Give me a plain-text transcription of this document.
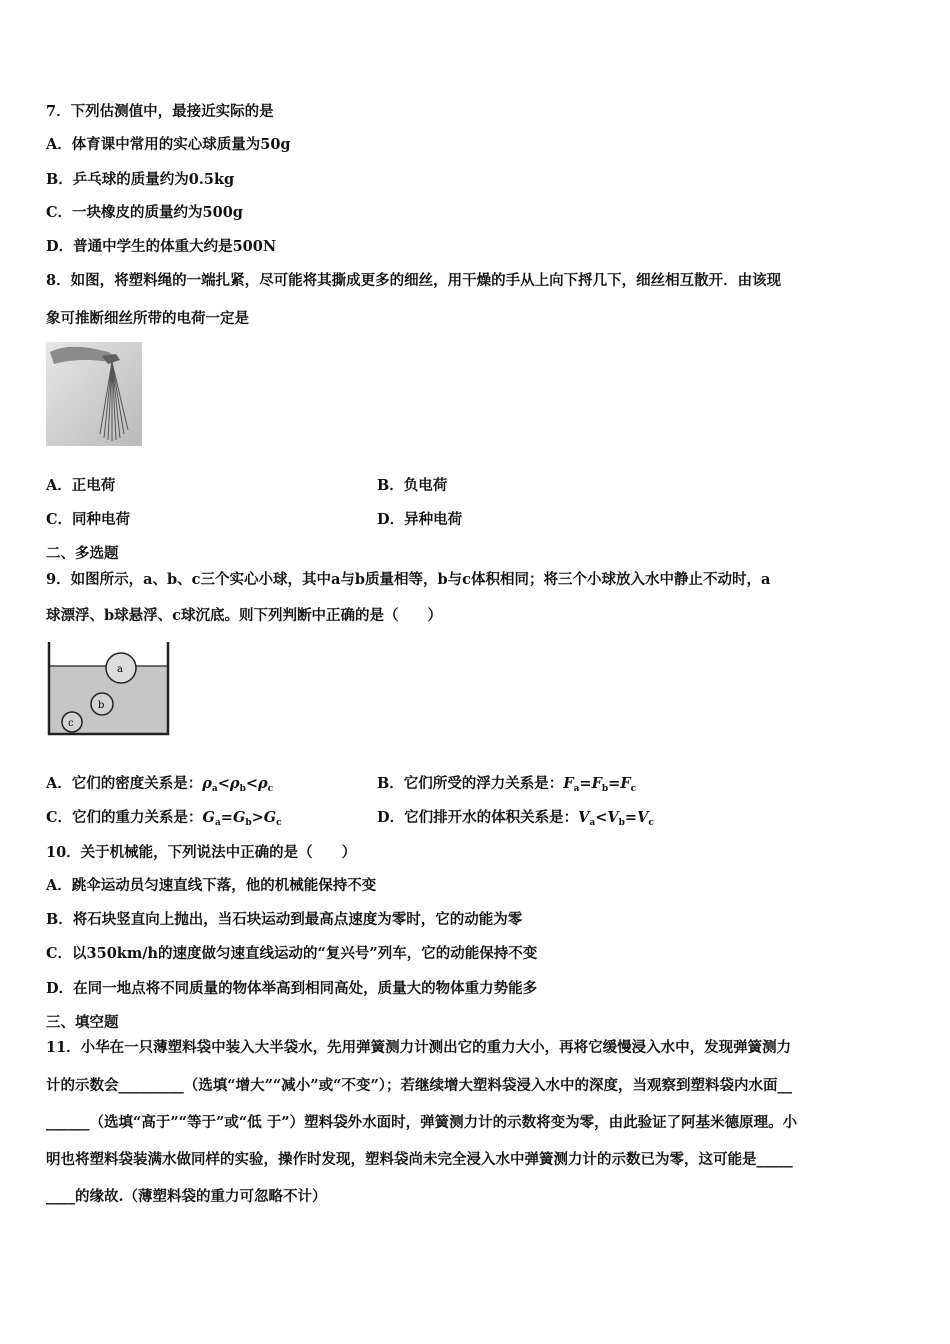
7．下列估测值中，最接近实际的是
A．体育课中常用的实心球质量为50g
B．乒乓球的质量约为0.5kg
C．一块橡皮的质量约为500g
D．普通中学生的体重大约是500N
8．如图，将塑料绳的一端扎紧，尽可能将其撕成更多的细丝，用干燥的手从上向下捋几下，细丝相互散开．由该现
象可推断细丝所带的电荷一定是
A．正电荷	B．负电荷
C．同种电荷	D．异种电荷
二、多选题
9．如图所示，a、b、c三个实心小球，其中a与b质量相等，b与c体积相同；将三个小球放入水中静止不动时，a
球漂浮、b球悬浮、c球沉底。则下列判断中正确的是（　　）
a
b
c
A．它们的密度关系是：$\rho_a<\rho_b<\rho_c$	B．它们所受的浮力关系是：$F_a=F_b=F_c$
C．它们的重力关系是：$G_a=G_b>G_c$	D．它们排开水的体积关系是：$V_a<V_b=V_c$
10．关于机械能，下列说法中正确的是（　　）
A．跳伞运动员匀速直线下落，他的机械能保持不变
B．将石块竖直向上抛出，当石块运动到最高点速度为零时，它的动能为零
C．以350km/h的速度做匀速直线运动的“复兴号”列车，它的动能保持不变
D．在同一地点将不同质量的物体举高到相同高处，质量大的物体重力势能多
三、填空题
11．小华在一只薄塑料袋中装入大半袋水，先用弹簧测力计测出它的重力大小，再将它缓慢浸入水中，发现弹簧测力
计的示数会_________（选填“增大”“减小”或“不变”）；若继续增大塑料袋浸入水中的深度，当观察到塑料袋内水面__
______（选填“高于”“等于”或“低 于”）塑料袋外水面时，弹簧测力计的示数将变为零，由此验证了阿基米德原理。小
明也将塑料袋装满水做同样的实验，操作时发现，塑料袋尚未完全浸入水中弹簧测力计的示数已为零，这可能是_____
____的缘故.（薄塑料袋的重力可忽略不计）
